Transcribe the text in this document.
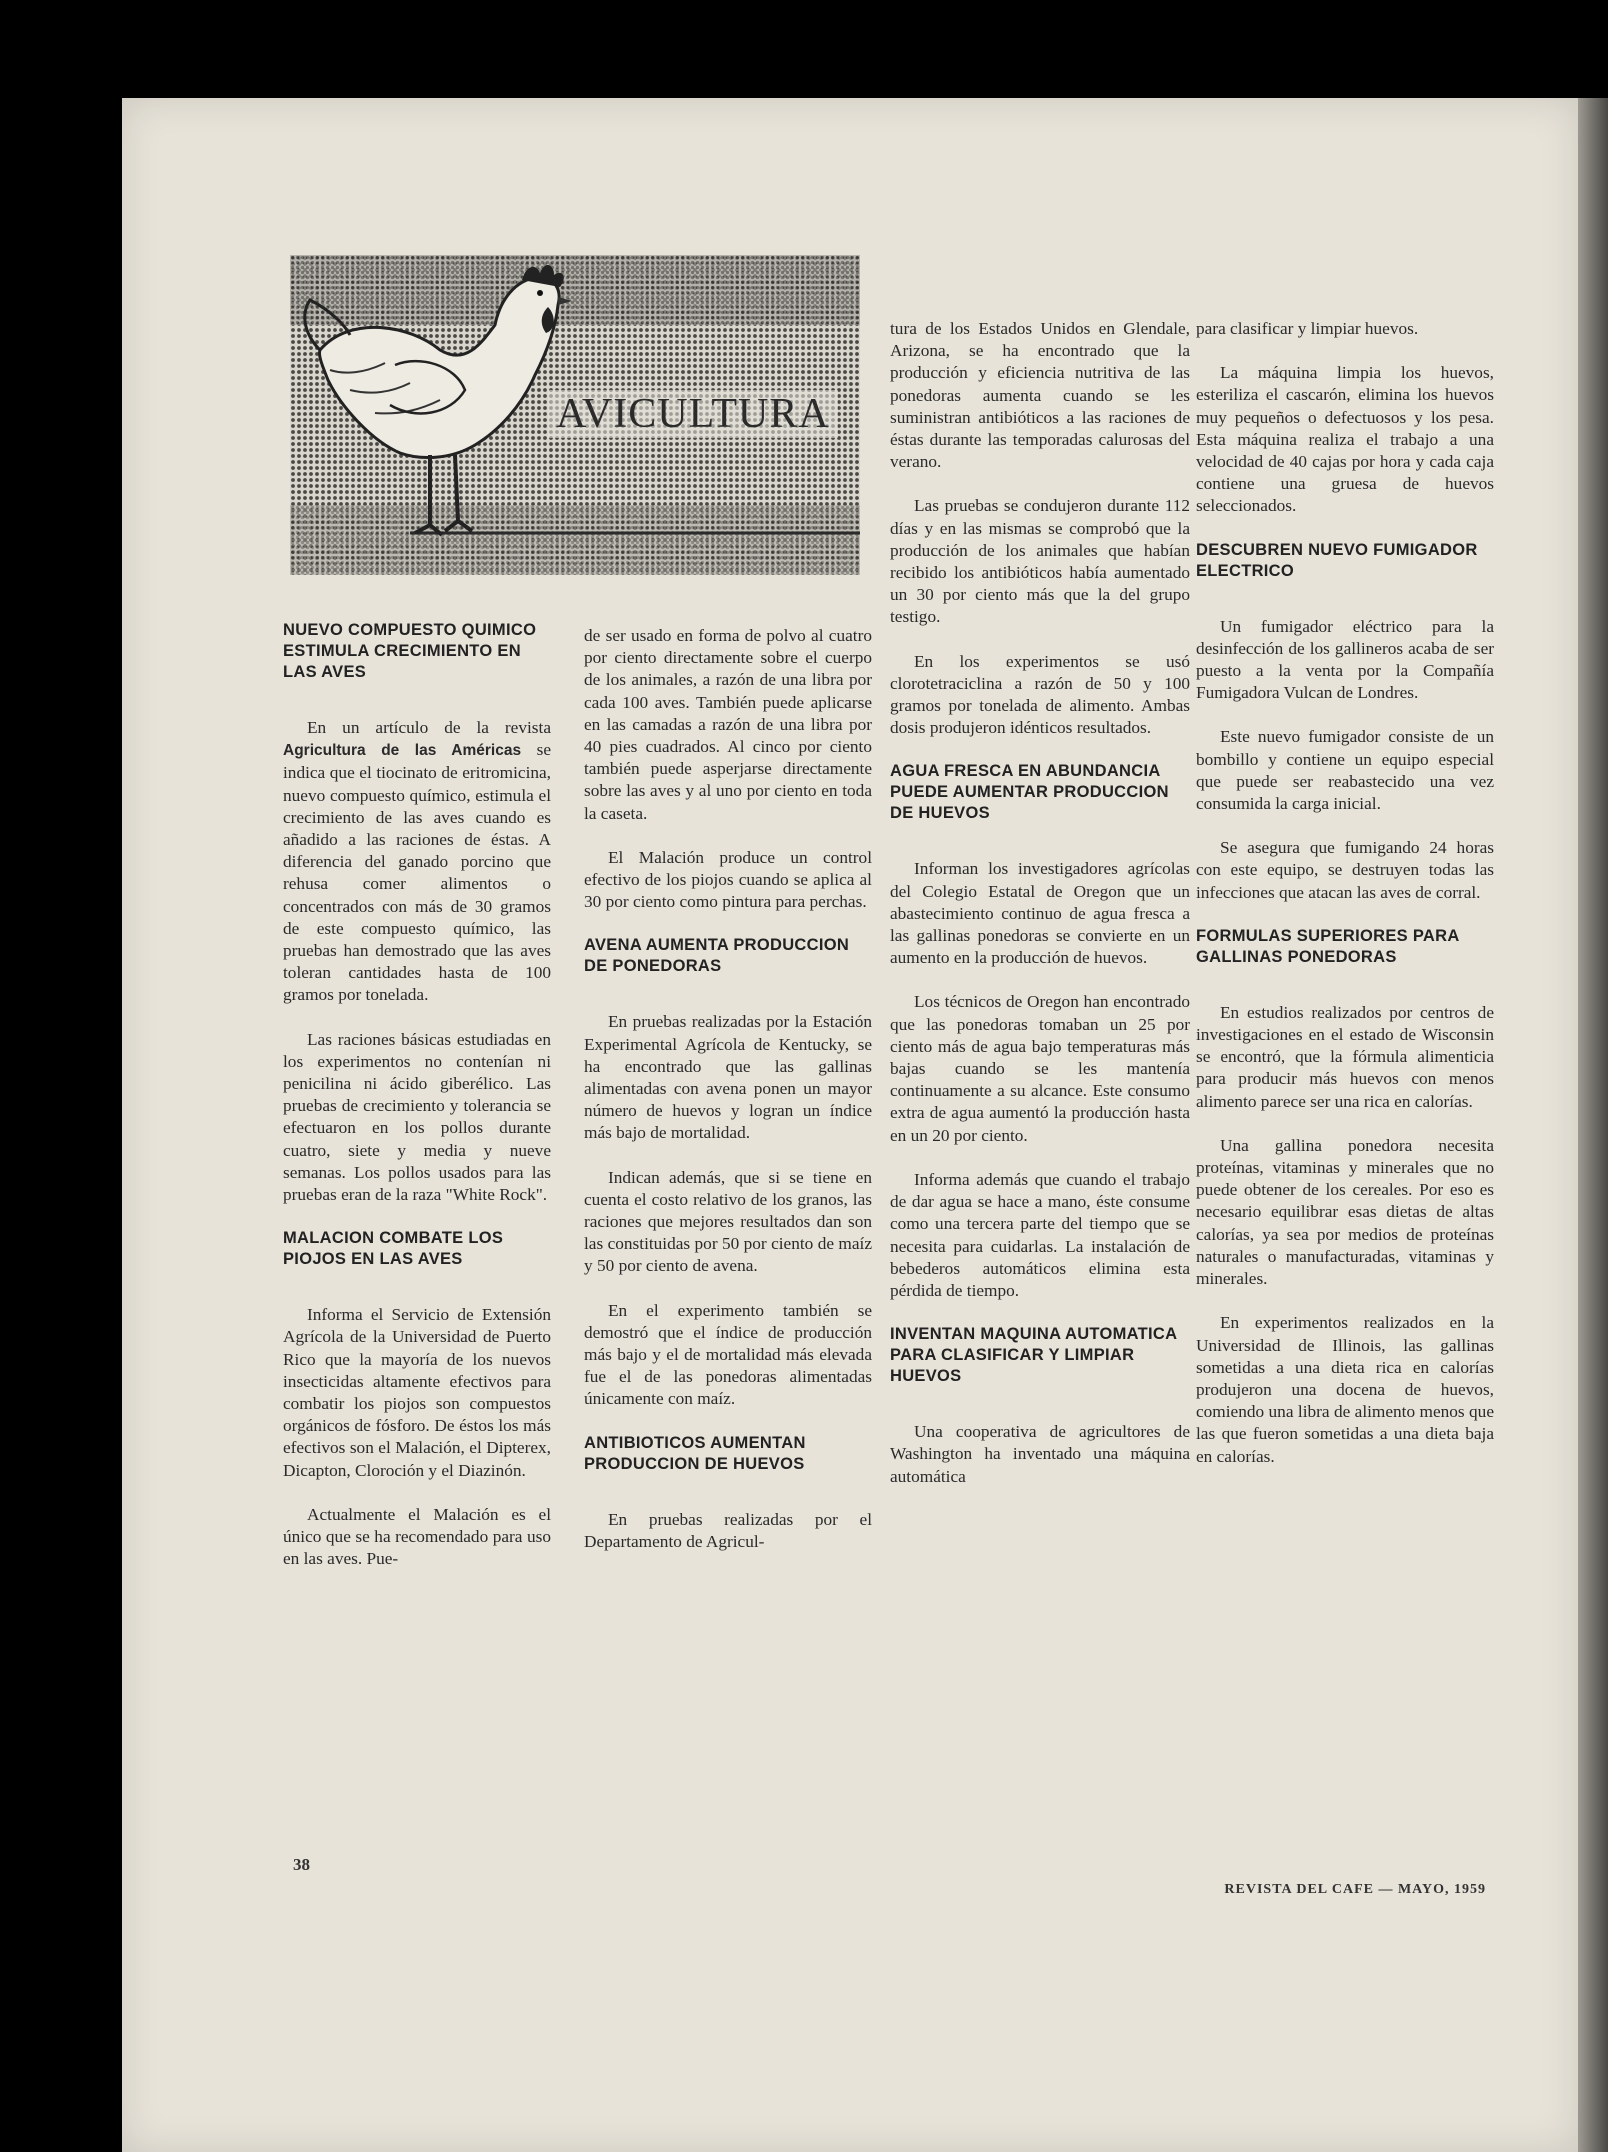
AVICULTURA
NUEVO COMPUESTO QUIMICO ESTIMULA CRECIMIENTO EN LAS AVES

En un artículo de la revista Agricultura de las Américas se indica que el tiocinato de eritromicina, nuevo compuesto químico, estimula el crecimiento de las aves cuando es añadido a las raciones de éstas. A diferencia del ganado porcino que rehusa comer alimentos o concentrados con más de 30 gramos de este compuesto químico, las pruebas han demostrado que las aves toleran cantidades hasta de 100 gramos por tonelada.

Las raciones básicas estudiadas en los experimentos no contenían ni penicilina ni ácido giberélico. Las pruebas de crecimiento y tolerancia se efectuaron en los pollos durante cuatro, siete y media y nueve semanas. Los pollos usados para las pruebas eran de la raza "White Rock".

MALACION COMBATE LOS PIOJOS EN LAS AVES

Informa el Servicio de Extensión Agrícola de la Universidad de Puerto Rico que la mayoría de los nuevos insecticidas altamente efectivos para combatir los piojos son compuestos orgánicos de fósforo. De éstos los más efectivos son el Malación, el Dipterex, Dicapton, Cloroción y el Diazinón.

Actualmente el Malación es el único que se ha recomendado para uso en las aves. Pue-

de ser usado en forma de polvo al cuatro por ciento directamente sobre el cuerpo de los animales, a razón de una libra por cada 100 aves. También puede aplicarse en las camadas a razón de una libra por 40 pies cuadrados. Al cinco por ciento también puede asperjarse directamente sobre las aves y al uno por ciento en toda la caseta.

El Malación produce un control efectivo de los piojos cuando se aplica al 30 por ciento como pintura para perchas.

AVENA AUMENTA PRODUCCION DE PONEDORAS

En pruebas realizadas por la Estación Experimental Agrícola de Kentucky, se ha encontrado que las gallinas alimentadas con avena ponen un mayor número de huevos y logran un índice más bajo de mortalidad.

Indican además, que si se tiene en cuenta el costo relativo de los granos, las raciones que mejores resultados dan son las constituidas por 50 por ciento de maíz y 50 por ciento de avena.

En el experimento también se demostró que el índice de producción más bajo y el de mortalidad más elevada fue el de las ponedoras alimentadas únicamente con maíz.

ANTIBIOTICOS AUMENTAN PRODUCCION DE HUEVOS

En pruebas realizadas por el Departamento de Agricul-

tura de los Estados Unidos en Glendale, Arizona, se ha encontrado que la producción y eficiencia nutritiva de las ponedoras aumenta cuando se les suministran antibióticos a las raciones de éstas durante las temporadas calurosas del verano.

Las pruebas se condujeron durante 112 días y en las mismas se comprobó que la producción de los animales que habían recibido los antibióticos había aumentado un 30 por ciento más que la del grupo testigo.

En los experimentos se usó clorotetraciclina a razón de 50 y 100 gramos por tonelada de alimento. Ambas dosis produjeron idénticos resultados.

AGUA FRESCA EN ABUNDANCIA PUEDE AUMENTAR PRODUCCION DE HUEVOS

Informan los investigadores agrícolas del Colegio Estatal de Oregon que un abastecimiento continuo de agua fresca a las gallinas ponedoras se convierte en un aumento en la producción de huevos.

Los técnicos de Oregon han encontrado que las ponedoras tomaban un 25 por ciento más de agua bajo temperaturas más bajas cuando se les mantenía continuamente a su alcance. Este consumo extra de agua aumentó la producción hasta en un 20 por ciento.

Informa además que cuando el trabajo de dar agua se hace a mano, éste consume como una tercera parte del tiempo que se necesita para cuidarlas. La instalación de bebederos automáticos elimina esta pérdida de tiempo.

INVENTAN MAQUINA AUTOMATICA PARA CLASIFICAR Y LIMPIAR HUEVOS

Una cooperativa de agricultores de Washington ha inventado una máquina automática

para clasificar y limpiar huevos.

La máquina limpia los huevos, esteriliza el cascarón, elimina los huevos muy pequeños o defectuosos y los pesa. Esta máquina realiza el trabajo a una velocidad de 40 cajas por hora y cada caja contiene una gruesa de huevos seleccionados.

DESCUBREN NUEVO FUMIGADOR ELECTRICO

Un fumigador eléctrico para la desinfección de los gallineros acaba de ser puesto a la venta por la Compañía Fumigadora Vulcan de Londres.

Este nuevo fumigador consiste de un bombillo y contiene un equipo especial que puede ser reabastecido una vez consumida la carga inicial.

Se asegura que fumigando 24 horas con este equipo, se destruyen todas las infecciones que atacan las aves de corral.

FORMULAS SUPERIORES PARA GALLINAS PONEDORAS

En estudios realizados por centros de investigaciones en el estado de Wisconsin se encontró, que la fórmula alimenticia para producir más huevos con menos alimento parece ser una rica en calorías.

Una gallina ponedora necesita proteínas, vitaminas y minerales que no puede obtener de los cereales. Por eso es necesario equilibrar esas dietas de altas calorías, ya sea por medios de proteínas naturales o manufacturadas, vitaminas y minerales.

En experimentos realizados en la Universidad de Illinois, las gallinas sometidas a una dieta rica en calorías produjeron una docena de huevos, comiendo una libra de alimento menos que las que fueron sometidas a una dieta baja en calorías.

38
REVISTA DEL CAFE — MAYO, 1959
